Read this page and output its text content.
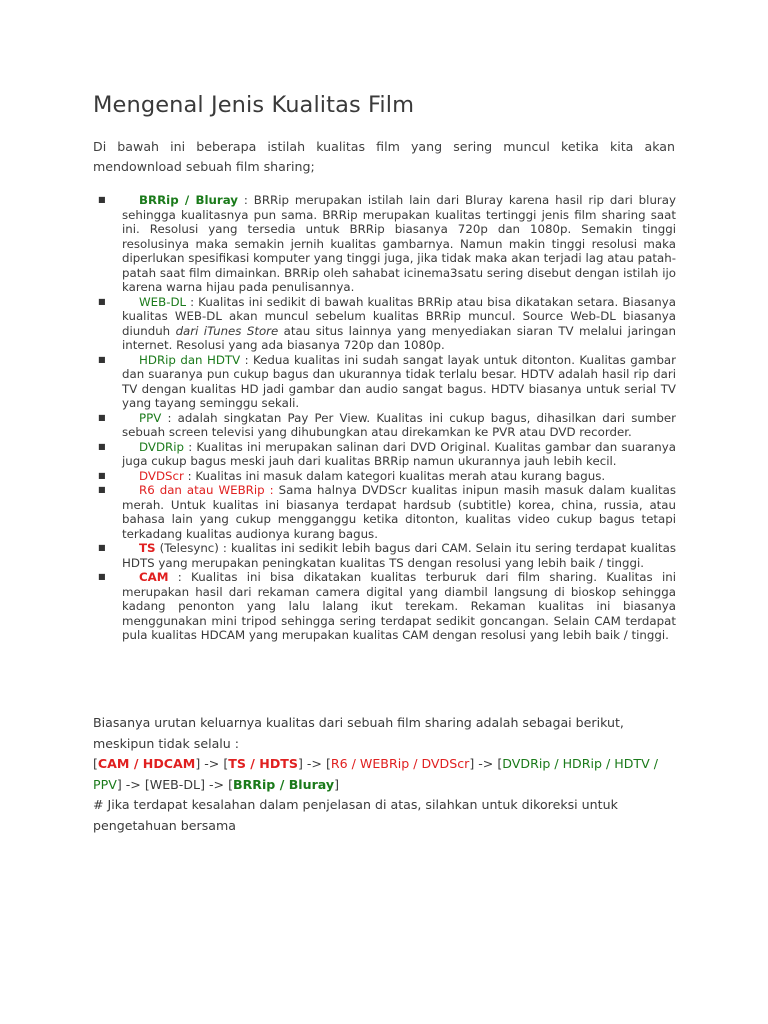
Mengenal Jenis Kualitas Film

Di bawah ini beberapa istilah kualitas film yang sering muncul ketika kita akan mendownload sebuah film sharing;

■	BRRip / Bluray : BRRip merupakan istilah lain dari Bluray karena hasil rip dari bluray sehingga kualitasnya pun sama. BRRip merupakan kualitas tertinggi jenis film sharing saat ini. Resolusi yang tersedia untuk BRRip biasanya 720p dan 1080p. Semakin tinggi resolusinya maka semakin jernih kualitas gambarnya. Namun makin tinggi resolusi maka diperlukan spesifikasi komputer yang tinggi juga, jika tidak maka akan terjadi lag atau patah-patah saat film dimainkan. BRRip oleh sahabat icinema3satu sering disebut dengan istilah ijo karena warna hijau pada penulisannya.
■	WEB-DL : Kualitas ini sedikit di bawah kualitas BRRip atau bisa dikatakan setara. Biasanya kualitas WEB-DL akan muncul sebelum kualitas BRRip muncul. Source Web-DL biasanya diunduh dari iTunes Store atau situs lainnya yang menyediakan siaran TV melalui jaringan internet. Resolusi yang ada biasanya 720p dan 1080p.
■	HDRip dan HDTV : Kedua kualitas ini sudah sangat layak untuk ditonton. Kualitas gambar dan suaranya pun cukup bagus dan ukurannya tidak terlalu besar. HDTV adalah hasil rip dari TV dengan kualitas HD jadi gambar dan audio sangat bagus. HDTV biasanya untuk serial TV yang tayang seminggu sekali.
■	PPV : adalah singkatan Pay Per View. Kualitas ini cukup bagus, dihasilkan dari sumber sebuah screen televisi yang dihubungkan atau direkamkan ke PVR atau DVD recorder.
■	DVDRip : Kualitas ini merupakan salinan dari DVD Original. Kualitas gambar dan suaranya juga cukup bagus meski jauh dari kualitas BRRip namun ukurannya jauh lebih kecil.
■	DVDScr : Kualitas ini masuk dalam kategori kualitas merah atau kurang bagus.
■	R6 dan atau WEBRip : Sama halnya DVDScr kualitas inipun masih masuk dalam kualitas merah. Untuk kualitas ini biasanya terdapat hardsub (subtitle) korea, china, russia, atau bahasa lain yang cukup mengganggu ketika ditonton, kualitas video cukup bagus tetapi terkadang kualitas audionya kurang bagus.
■	TS (Telesync) : kualitas ini sedikit lebih bagus dari CAM. Selain itu sering terdapat kualitas HDTS yang merupakan peningkatan kualitas TS dengan resolusi yang lebih baik / tinggi.
■	CAM : Kualitas ini bisa dikatakan kualitas terburuk dari film sharing. Kualitas ini merupakan hasil dari rekaman camera digital yang diambil langsung di bioskop sehingga kadang penonton yang lalu lalang ikut terekam. Rekaman kualitas ini biasanya menggunakan mini tripod sehingga sering terdapat sedikit goncangan. Selain CAM terdapat pula kualitas HDCAM yang merupakan kualitas CAM dengan resolusi yang lebih baik / tinggi.

Biasanya urutan keluarnya kualitas dari sebuah film sharing adalah sebagai berikut, meskipun tidak selalu :

[CAM / HDCAM] -> [TS / HDTS] -> [R6 / WEBRip / DVDScr] -> [DVDRip / HDRip / HDTV / PPV] -> [WEB-DL] -> [BRRip / Bluray]

# Jika terdapat kesalahan dalam penjelasan di atas, silahkan untuk dikoreksi untuk pengetahuan bersama
